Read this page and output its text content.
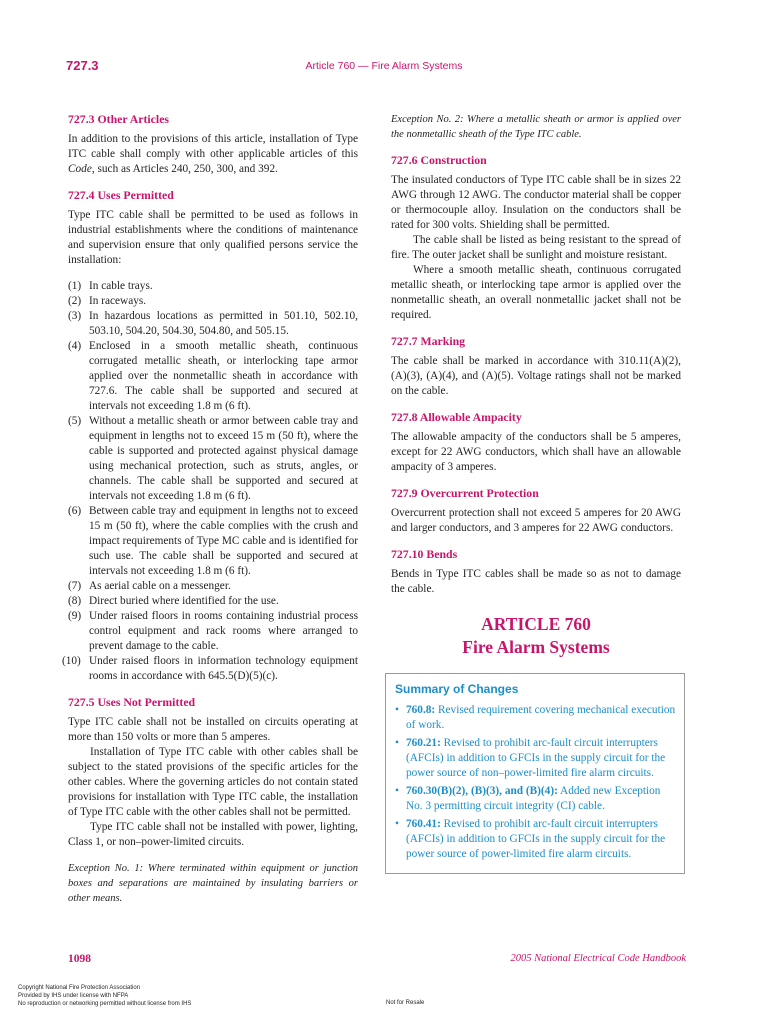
727.3	Article 760 — Fire Alarm Systems
727.3 Other Articles

In addition to the provisions of this article, installation of Type ITC cable shall comply with other applicable articles of this Code, such as Articles 240, 250, 300, and 392.

727.4 Uses Permitted

Type ITC cable shall be permitted to be used as follows in industrial establishments where the conditions of maintenance and supervision ensure that only qualified persons service the installation:

(1) In cable trays.
(2) In raceways.
(3) In hazardous locations as permitted in 501.10, 502.10, 503.10, 504.20, 504.30, 504.80, and 505.15.
(4) Enclosed in a smooth metallic sheath, continuous corrugated metallic sheath, or interlocking tape armor applied over the nonmetallic sheath in accordance with 727.6. The cable shall be supported and secured at intervals not exceeding 1.8 m (6 ft).
(5) Without a metallic sheath or armor between cable tray and equipment in lengths not to exceed 15 m (50 ft), where the cable is supported and protected against physical damage using mechanical protection, such as struts, angles, or channels. The cable shall be supported and secured at intervals not exceeding 1.8 m (6 ft).
(6) Between cable tray and equipment in lengths not to exceed 15 m (50 ft), where the cable complies with the crush and impact requirements of Type MC cable and is identified for such use. The cable shall be supported and secured at intervals not exceeding 1.8 m (6 ft).
(7) As aerial cable on a messenger.
(8) Direct buried where identified for the use.
(9) Under raised floors in rooms containing industrial process control equipment and rack rooms where arranged to prevent damage to the cable.
(10) Under raised floors in information technology equipment rooms in accordance with 645.5(D)(5)(c).
727.5 Uses Not Permitted

Type ITC cable shall not be installed on circuits operating at more than 150 volts or more than 5 amperes.

Installation of Type ITC cable with other cables shall be subject to the stated provisions of the specific articles for the other cables. Where the governing articles do not contain stated provisions for installation with Type ITC cable, the installation of Type ITC cable with the other cables shall not be permitted.

Type ITC cable shall not be installed with power, lighting, Class 1, or non–power-limited circuits.

Exception No. 1: Where terminated within equipment or junction boxes and separations are maintained by insulating barriers or other means.

Exception No. 2: Where a metallic sheath or armor is applied over the nonmetallic sheath of the Type ITC cable.

727.6 Construction

The insulated conductors of Type ITC cable shall be in sizes 22 AWG through 12 AWG. The conductor material shall be copper or thermocouple alloy. Insulation on the conductors shall be rated for 300 volts. Shielding shall be permitted.

The cable shall be listed as being resistant to the spread of fire. The outer jacket shall be sunlight and moisture resistant.

Where a smooth metallic sheath, continuous corrugated metallic sheath, or interlocking tape armor is applied over the nonmetallic sheath, an overall nonmetallic jacket shall not be required.

727.7 Marking

The cable shall be marked in accordance with 310.11(A)(2), (A)(3), (A)(4), and (A)(5). Voltage ratings shall not be marked on the cable.

727.8 Allowable Ampacity

The allowable ampacity of the conductors shall be 5 amperes, except for 22 AWG conductors, which shall have an allowable ampacity of 3 amperes.

727.9 Overcurrent Protection

Overcurrent protection shall not exceed 5 amperes for 20 AWG and larger conductors, and 3 amperes for 22 AWG conductors.

727.10 Bends

Bends in Type ITC cables shall be made so as not to damage the cable.

ARTICLE 760
Fire Alarm Systems
Summary of Changes
• 760.8: Revised requirement covering mechanical execution of work.
• 760.21: Revised to prohibit arc-fault circuit interrupters (AFCIs) in addition to GFCIs in the supply circuit for the power source of non–power-limited fire alarm circuits.
• 760.30(B)(2), (B)(3), and (B)(4): Added new Exception No. 3 permitting circuit integrity (CI) cable.
• 760.41: Revised to prohibit arc-fault circuit interrupters (AFCIs) in addition to GFCIs in the supply circuit for the power source of power-limited fire alarm circuits.
1098	2005 National Electrical Code Handbook
Copyright National Fire Protection Association
Provided by IHS under license with NFPA
No reproduction or networking permitted without license from IHS	Not for Resale
